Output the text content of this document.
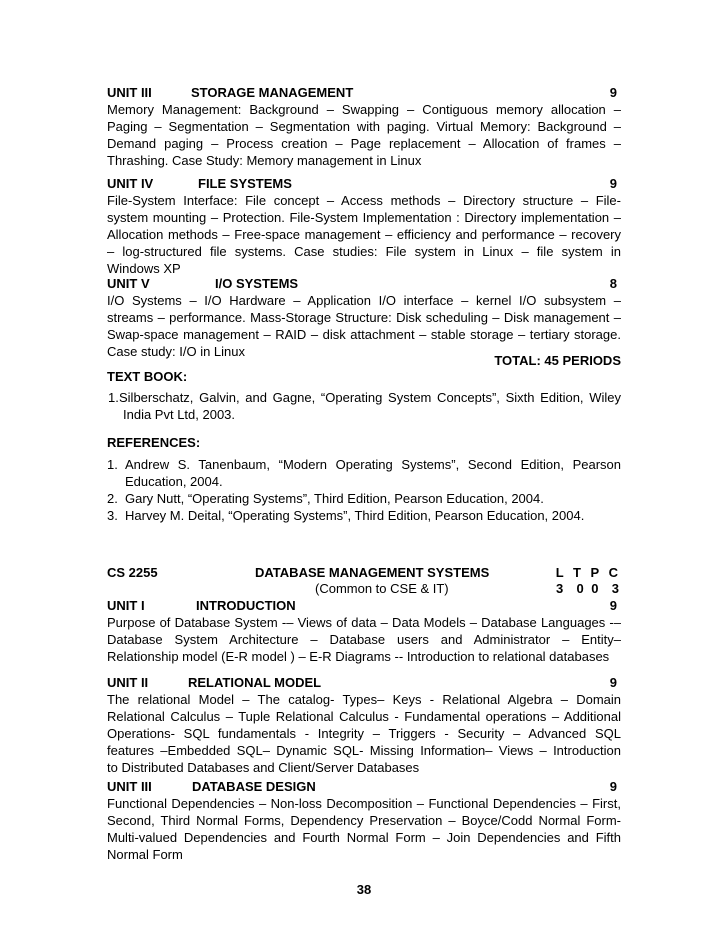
UNIT III	STORAGE MANAGEMENT	9
Memory Management: Background – Swapping – Contiguous memory allocation –
Paging – Segmentation – Segmentation with paging. Virtual Memory: Background –
Demand paging – Process creation – Page replacement – Allocation of frames –
Thrashing. Case Study: Memory management in Linux
UNIT IV	FILE SYSTEMS	9
File-System Interface: File concept – Access methods – Directory structure – File-
system mounting – Protection. File-System Implementation : Directory implementation –
Allocation methods – Free-space management – efficiency and performance – recovery
– log-structured file systems. Case studies: File system in Linux – file system in
Windows XP
UNIT V	I/O SYSTEMS	8
I/O Systems – I/O Hardware – Application I/O interface – kernel I/O subsystem –
streams – performance. Mass-Storage Structure: Disk scheduling – Disk management –
Swap-space management – RAID – disk attachment – stable storage – tertiary storage.
Case study: I/O in Linux
TOTAL: 45 PERIODS
TEXT BOOK:
1. Silberschatz, Galvin, and Gagne, “Operating System Concepts”, Sixth Edition, Wiley
India Pvt Ltd, 2003.
REFERENCES:
1. Andrew S. Tanenbaum, “Modern Operating Systems”, Second Edition, Pearson
Education, 2004.
2. Gary Nutt, “Operating Systems”, Third Edition, Pearson Education, 2004.
3. Harvey M. Deital, “Operating Systems”, Third Edition, Pearson Education, 2004.
CS 2255	DATABASE MANAGEMENT SYSTEMS	L T P C
(Common to CSE & IT)	3  0 0  3
UNIT I	INTRODUCTION	9
Purpose of Database System -– Views of data – Data Models – Database Languages -–
Database System Architecture – Database users and Administrator – Entity–
Relationship model (E-R model ) – E-R Diagrams -- Introduction to relational databases
UNIT II	RELATIONAL MODEL	9
The relational Model – The catalog- Types– Keys - Relational Algebra – Domain
Relational Calculus – Tuple Relational Calculus - Fundamental operations – Additional
Operations- SQL fundamentals - Integrity – Triggers - Security – Advanced SQL
features –Embedded SQL– Dynamic SQL- Missing Information– Views – Introduction
to Distributed Databases and Client/Server Databases
UNIT III	DATABASE DESIGN	9
Functional Dependencies – Non-loss Decomposition – Functional Dependencies – First,
Second, Third Normal Forms, Dependency Preservation – Boyce/Codd Normal Form-
Multi-valued Dependencies and Fourth Normal Form – Join Dependencies and Fifth
Normal Form
38
